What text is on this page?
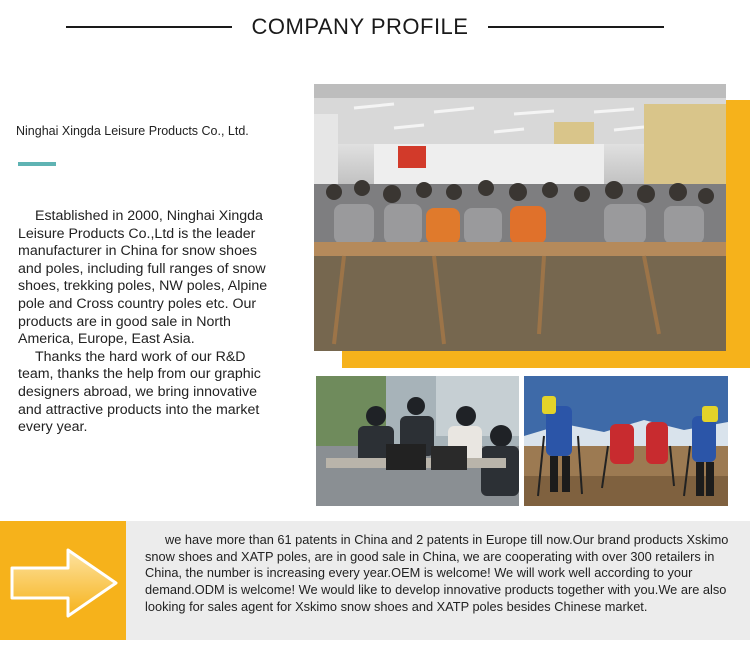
COMPANY PROFILE
Ninghai Xingda Leisure Products Co., Ltd.

Established in 2000, Ninghai Xingda Leisure Products Co.,Ltd is the leader manufacturer in China for snow shoes and poles, including full ranges of snow shoes, trekking poles, NW poles, Alpine pole and Cross country poles etc. Our products are in good sale in North America, Europe, East Asia.

Thanks the hard work of our R&D team, thanks the help from our graphic designers abroad, we bring innovative and attractive products into the market every year.

we have more than 61 patents in China and 2 patents in Europe till now.Our brand products Xskimo snow shoes and XATP poles, are in good sale in China, we are cooperating with over 300 retailers in China, the number is increasing every year.OEM is welcome! We will work well according to your demand.ODM is welcome! We would like to develop innovative products together with you.We are also looking for sales agent for Xskimo snow shoes and XATP poles besides Chinese market.
